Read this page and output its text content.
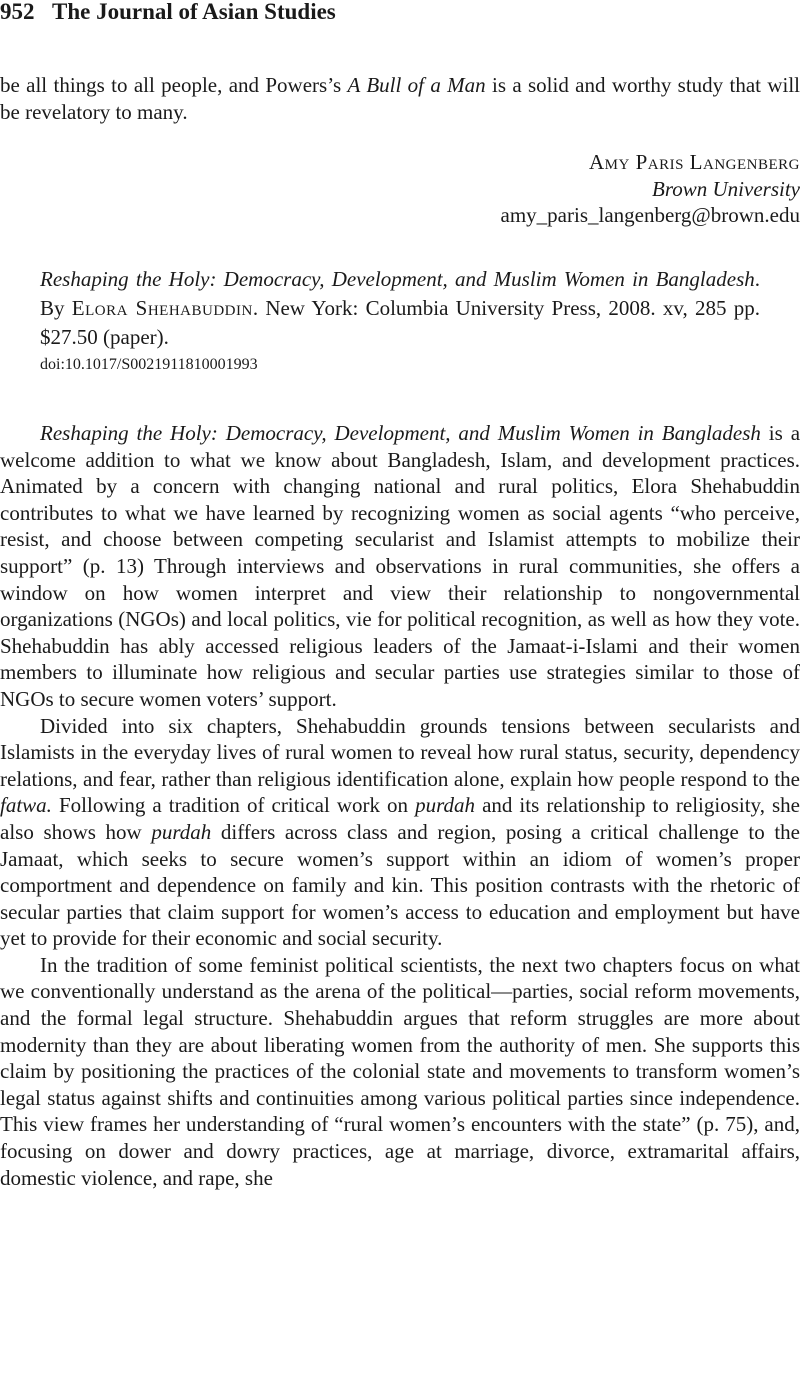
952 The Journal of Asian Studies
be all things to all people, and Powers’s A Bull of a Man is a solid and worthy study that will be revelatory to many.
Amy Paris Langenberg
Brown University
amy_paris_langenberg@brown.edu
Reshaping the Holy: Democracy, Development, and Muslim Women in Bangladesh. By Elora Shehabuddin. New York: Columbia University Press, 2008. xv, 285 pp. $27.50 (paper).
doi:10.1017/S0021911810001993

Reshaping the Holy: Democracy, Development, and Muslim Women in Bangladesh is a welcome addition to what we know about Bangladesh, Islam, and development practices. Animated by a concern with changing national and rural politics, Elora Shehabuddin contributes to what we have learned by recognizing women as social agents “who perceive, resist, and choose between competing secularist and Islamist attempts to mobilize their support” (p. 13) Through interviews and observations in rural communities, she offers a window on how women interpret and view their relationship to nongovernmental organizations (NGOs) and local politics, vie for political recognition, as well as how they vote. Shehabuddin has ably accessed religious leaders of the Jamaat-i-Islami and their women members to illuminate how religious and secular parties use strategies similar to those of NGOs to secure women voters’ support.

Divided into six chapters, Shehabuddin grounds tensions between secularists and Islamists in the everyday lives of rural women to reveal how rural status, security, dependency relations, and fear, rather than religious identification alone, explain how people respond to the fatwa. Following a tradition of critical work on purdah and its relationship to religiosity, she also shows how purdah differs across class and region, posing a critical challenge to the Jamaat, which seeks to secure women’s support within an idiom of women’s proper comportment and dependence on family and kin. This position contrasts with the rhetoric of secular parties that claim support for women’s access to education and employment but have yet to provide for their economic and social security.

In the tradition of some feminist political scientists, the next two chapters focus on what we conventionally understand as the arena of the political—parties, social reform movements, and the formal legal structure. Shehabuddin argues that reform struggles are more about modernity than they are about liberating women from the authority of men. She supports this claim by positioning the practices of the colonial state and movements to transform women’s legal status against shifts and continuities among various political parties since independence. This view frames her understanding of “rural women’s encounters with the state” (p. 75), and, focusing on dower and dowry practices, age at marriage, divorce, extramarital affairs, domestic violence, and rape, she
